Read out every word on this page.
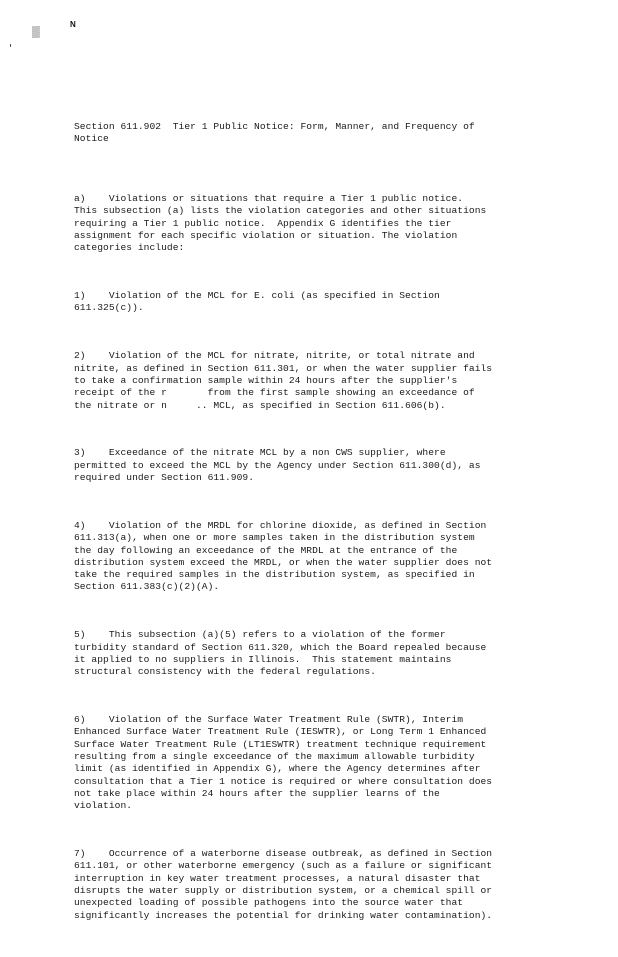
▒
N

Section 611.902  Tier 1 Public Notice: Form, Manner, and Frequency of
Notice

a)    Violations or situations that require a Tier 1 public notice.
This subsection (a) lists the violation categories and other situations
requiring a Tier 1 public notice.  Appendix G identifies the tier
assignment for each specific violation or situation. The violation
categories include:

1)    Violation of the MCL for E. coli (as specified in Section
611.325(c)).

2)    Violation of the MCL for nitrate, nitrite, or total nitrate and
nitrite, as defined in Section 611.301, or when the water supplier fails
to take a confirmation sample within 24 hours after the supplier's
receipt of the r       from the first sample showing an exceedance of
the nitrate or n     .. MCL, as specified in Section 611.606(b).

3)    Exceedance of the nitrate MCL by a non CWS supplier, where
permitted to exceed the MCL by the Agency under Section 611.300(d), as
required under Section 611.909.

4)    Violation of the MRDL for chlorine dioxide, as defined in Section
611.313(a), when one or more samples taken in the distribution system
the day following an exceedance of the MRDL at the entrance of the
distribution system exceed the MRDL, or when the water supplier does not
take the required samples in the distribution system, as specified in
Section 611.383(c)(2)(A).

5)    This subsection (a)(5) refers to a violation of the former
turbidity standard of Section 611.320, which the Board repealed because
it applied to no suppliers in Illinois.  This statement maintains
structural consistency with the federal regulations.

6)    Violation of the Surface Water Treatment Rule (SWTR), Interim
Enhanced Surface Water Treatment Rule (IESWTR), or Long Term 1 Enhanced
Surface Water Treatment Rule (LT1ESWTR) treatment technique requirement
resulting from a single exceedance of the maximum allowable turbidity
limit (as identified in Appendix G), where the Agency determines after
consultation that a Tier 1 notice is required or where consultation does
not take place within 24 hours after the supplier learns of the
violation.

7)    Occurrence of a waterborne disease outbreak, as defined in Section
611.101, or other waterborne emergency (such as a failure or significant
interruption in key water treatment processes, a natural disaster that
disrupts the water supply or distribution system, or a chemical spill or
unexpected loading of possible pathogens into the source water that
significantly increases the potential for drinking water contamination).
